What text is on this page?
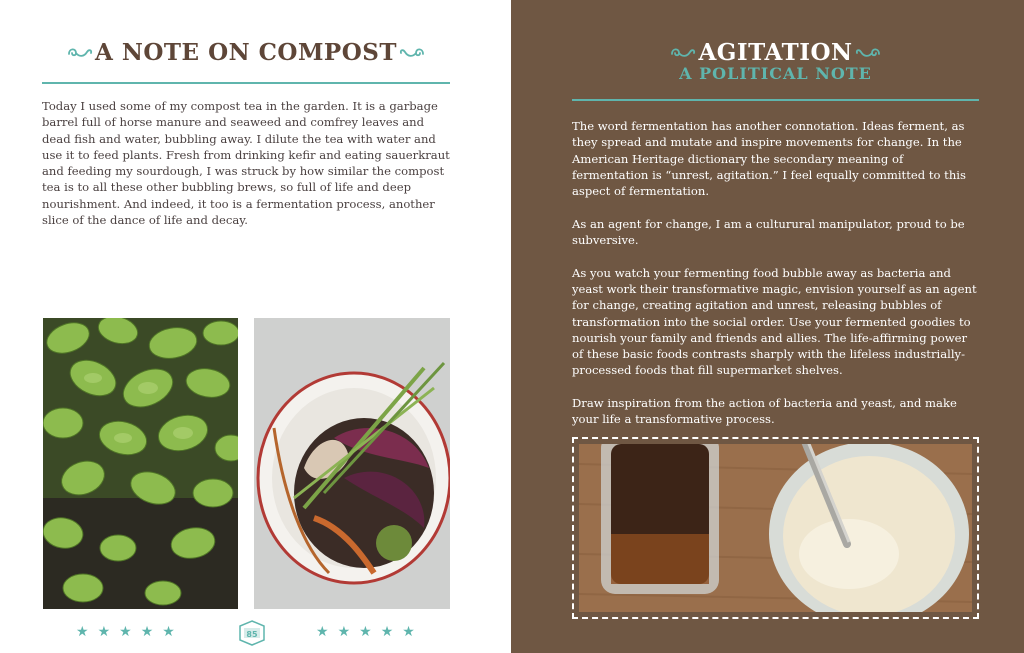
A NOTE ON COMPOST
Today I used some of my compost tea in the garden. It is a garbage barrel full of horse manure and seaweed and comfrey leaves and dead fish and water, bubbling away. I dilute the tea with water and use it to feed plants. Fresh from drinking kefir and eating sauerkraut and feeding my sourdough, I was struck by how similar the compost tea is to all these other bubbling brews, so full of life and deep nourishment. And indeed, it too is a fermentation process, another slice of the dance of life and decay.
★ ★ ★ ★ ★	85	★ ★ ★ ★ ★
AGITATION
A POLITICAL NOTE

The word fermentation has another connotation. Ideas ferment, as they spread and mutate and inspire movements for change. In the American Heritage dictionary the secondary meaning of fermentation is “unrest, agitation.” I feel equally committed to this aspect of fermentation.

As an agent for change, I am a culturural manipulator, proud to be subversive.

As you watch your fermenting food bubble away as bacteria and yeast work their transformative magic, envision yourself as an agent for change, creating agitation and unrest, releasing bubbles of transformation into the social order. Use your fermented goodies to nourish your family and friends and allies. The life-affirming power of these basic foods contrasts sharply with the lifeless industrially-processed foods that fill supermarket shelves.

Draw inspiration from the action of bacteria and yeast, and make your life a transformative process.
